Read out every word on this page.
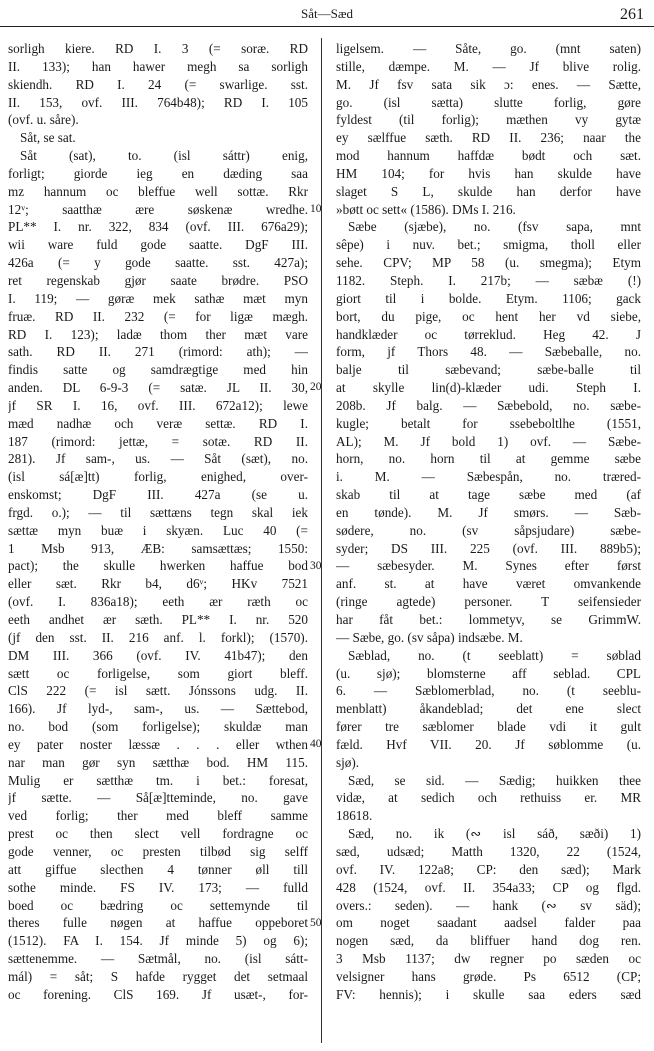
Såt—Sæd	261
sorligh kiere. RD I. 3 (= soræ. RD
II. 133); han hawer megh sa sorligh
skiendh. RD I. 24 (= swarlige. sst.
II. 153, ovf. III. 764b48); RD I. 105
(ovf. u. såre).
Såt, se sat.
Såt (sat), to. (isl sáttr) enig,
forligt; giorde ieg en dæding saa
mz hannum oc bleffue well sottæ. Rkr
12ᵛ; saatthæ ære søskenæ wredhe.
PL** I. nr. 322, 834 (ovf. III. 676a29);
wii ware fuld gode saatte. DgF III.
426a (= y gode saatte. sst. 427a);
ret regenskab gjør saate brødre. PSO
I. 119; — gøræ mek sathæ mæt myn
fruæ. RD II. 232 (= for ligæ mægh.
RD I. 123); ladæ thom ther mæt vare
sath. RD II. 271 (rimord: ath); —
findis satte og samdrægtige med hin
anden. DL 6-9-3 (= satæ. JL II. 30,
jf SR I. 16, ovf. III. 672a12); lewe
mæd nadhæ och veræ settæ. RD I.
187 (rimord: jettæ, = sotæ. RD II.
281). Jf sam-, us. — Såt (sæt), no.
(isl sá[æ]tt) forlig, enighed, over-
enskomst; DgF III. 427a (se u.
frgd. o.); — til sættæns tegn skal iek
sættæ myn buæ i skyæn. Luc 40 (=
1 Msb 913, ÆB: samsættæs; 1550:
pact); the skulle hwerken haffue bod
eller sæt. Rkr b4, d6ᵛ; HKv 7521
(ovf. I. 836a18); eeth ær ræth oc
eeth andhet ær sæth. PL** I. nr. 520
(jf den sst. II. 216 anf. l. forkl); (1570).
DM III. 366 (ovf. IV. 41b47); den
sætt oc forligelse, som giort bleff.
ClS 222 (= isl sætt. Jónssons udg. II.
166). Jf lyd-, sam-, us. — Sættebod,
no. bod (som forligelse); skuldæ man
ey pater noster læssæ . . . eller wthen
nar man gør syn sætthæ bod. HM 115.
Mulig er sætthæ tm. i bet.: foresat,
jf sætte. — Så[æ]tteminde, no. gave
ved forlig; ther med bleff samme
prest oc then slect vell fordragne oc
gode venner, oc presten tilbød sig selff
att giffue slecthen 4 tønner øll till
sothe minde. FS IV. 173; — fulld
boed oc bædring oc settemynde til
theres fulle nøgen at haffue oppeboret
(1512). FA I. 154. Jf minde 5) og 6);
sættenemme. — Sætmål, no. (isl sátt-
mál) = såt; S hafde rygget det setmaal
oc forening. ClS 169. Jf usæt-, for-
10
20
30
40
50
ligelsem. — Såte, go. (mnt saten)
stille, dæmpe. M. — Jf blive rolig.
M. Jf fsv sata sik ɔ: enes. — Sætte,
go. (isl sætta) slutte forlig, gøre
fyldest (til forlig); mæthen vy gytæ
ey sælffue sæth. RD II. 236; naar the
mod hannum haffdæ bødt och sæt.
HM 104; for hvis han skulde have
slaget S L, skulde han derfor have
»bøtt oc sett« (1586). DMs I. 216.
Sæbe (sjæbe), no. (fsv sapa, mnt
sêpe) i nuv. bet.; smigma, tholl eller
sehe. CPV; MP 58 (u. smegma); Etym
1182. Steph. I. 217b; — sæbæ (!)
giort til i bolde. Etym. 1106; gack
bort, du pige, oc hent her vd siebe,
handklæder oc tørreklud. Heg 42. J
form, jf Thors 48. — Sæbeballe, no.
balje til sæbevand; sæbe-balle til
at skylle lin(d)-klæder udi. Steph I.
208b. Jf balg. — Sæbebold, no. sæbe-
kugle; betalt for ssebeboltlhe (1551,
AL); M. Jf bold 1) ovf. — Sæbe-
horn, no. horn til at gemme sæbe
i. M. — Sæbespån, no. træred-
skab til at tage sæbe med (af
en tønde). M. Jf smørs. — Sæb-
sødere, no. (sv såpsjudare) sæbe-
syder; DS III. 225 (ovf. III. 889b5);
— sæbesyder. M. Synes efter først
anf. st. at have været omvankende
(ringe agtede) personer. T seifensieder
har fåt bet.: lommetyv, se GrimmW.
— Sæbe, go. (sv såpa) indsæbe. M.
Sæblad, no. (t seeblatt) = søblad
(u. sjø); blomsterne aff seblad. CPL
6. — Sæblomerblad, no. (t seeblu-
menblatt) åkandeblad; det ene slect
fører tre sæblomer blade vdi it gult
fæld. Hvf VII. 20. Jf søblomme (u.
sjø).
Sæd, se sid. — Sædig; huikken thee
vidæ, at sedich och rethuiss er. MR
18618.
Sæd, no. ik (∾ isl sáð, sæði) 1)
sæd, udsæd; Matth 1320, 22 (1524,
ovf. IV. 122a8; CP: den sæd); Mark
428 (1524, ovf. II. 354a33; CP og flgd.
overs.: seden). — hank (∾ sv säd);
om noget saadant aadsel falder paa
nogen sæd, da bliffuer hand dog ren.
3 Msb 1137; dw regner po sæden oc
velsigner hans grøde. Ps 6512 (CP;
FV: hennis); i skulle saa eders sæd
